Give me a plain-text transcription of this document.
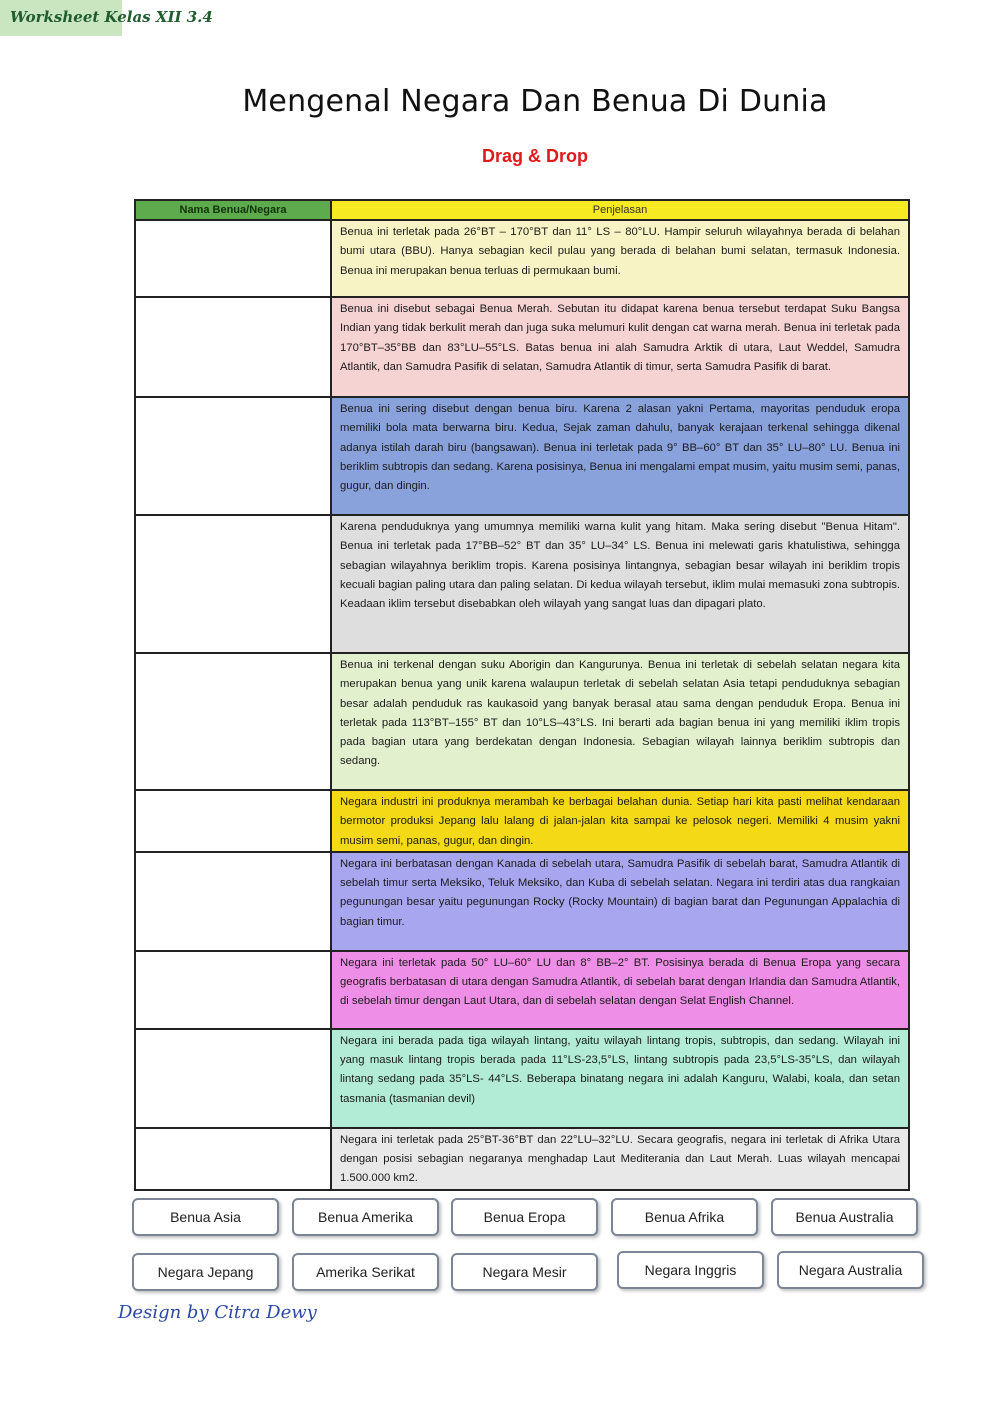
Worksheet Kelas XII 3.4
Mengenal Negara Dan Benua Di Dunia
Drag & Drop
Nama Benua/Negara	Penjelasan
	Benua ini terletak pada 26°BT – 170°BT dan 11° LS – 80°LU. Hampir seluruh wilayahnya berada di belahan bumi utara (BBU). Hanya sebagian kecil pulau yang berada di belahan bumi selatan, termasuk Indonesia. Benua ini merupakan benua terluas di permukaan bumi.
	Benua ini disebut sebagai Benua Merah. Sebutan itu didapat karena benua tersebut terdapat Suku Bangsa Indian yang tidak berkulit merah dan juga suka melumuri kulit dengan cat warna merah. Benua ini terletak pada 170°BT–35°BB dan 83°LU–55°LS. Batas benua ini alah Samudra Arktik di utara, Laut Weddel, Samudra Atlantik, dan Samudra Pasifik di selatan, Samudra Atlantik di timur, serta Samudra Pasifik di barat.
	Benua ini sering disebut dengan benua biru. Karena 2 alasan yakni Pertama, mayoritas penduduk eropa memiliki bola mata berwarna biru. Kedua, Sejak zaman dahulu, banyak kerajaan terkenal sehingga dikenal adanya istilah darah biru (bangsawan). Benua ini terletak pada 9° BB–60° BT dan 35° LU–80° LU. Benua ini beriklim subtropis dan sedang. Karena posisinya, Benua ini mengalami empat musim, yaitu musim semi, panas, gugur, dan dingin.
	Karena penduduknya yang umumnya memiliki warna kulit yang hitam. Maka sering disebut "Benua Hitam". Benua ini terletak pada 17°BB–52° BT dan 35° LU–34° LS. Benua ini melewati garis khatulistiwa, sehingga sebagian wilayahnya beriklim tropis. Karena posisinya lintangnya, sebagian besar wilayah ini beriklim tropis kecuali bagian paling utara dan paling selatan. Di kedua wilayah tersebut, iklim mulai memasuki zona subtropis. Keadaan iklim tersebut disebabkan oleh wilayah yang sangat luas dan dipagari plato.
	Benua ini terkenal dengan suku Aborigin dan Kangurunya. Benua ini terletak di sebelah selatan negara kita merupakan benua yang unik karena walaupun terletak di sebelah selatan Asia tetapi penduduknya sebagian besar adalah penduduk ras kaukasoid yang banyak berasal atau sama dengan penduduk Eropa. Benua ini terletak pada 113°BT–155° BT dan 10°LS–43°LS. Ini berarti ada bagian benua ini yang memiliki iklim tropis pada bagian utara yang berdekatan dengan Indonesia. Sebagian wilayah lainnya beriklim subtropis dan sedang.
	Negara industri ini produknya merambah ke berbagai belahan dunia. Setiap hari kita pasti melihat kendaraan bermotor produksi Jepang lalu lalang di jalan-jalan kita sampai ke pelosok negeri. Memiliki 4 musim yakni musim semi, panas, gugur, dan dingin.
	Negara ini berbatasan dengan Kanada di sebelah utara, Samudra Pasifik di sebelah barat, Samudra Atlantik di sebelah timur serta Meksiko, Teluk Meksiko, dan Kuba di sebelah selatan. Negara ini terdiri atas dua rangkaian pegunungan besar yaitu pegunungan Rocky (Rocky Mountain) di bagian barat dan Pegunungan Appalachia di bagian timur.
	Negara ini terletak pada 50° LU–60° LU dan 8° BB–2° BT. Posisinya berada di Benua Eropa yang secara geografis berbatasan di utara dengan Samudra Atlantik, di sebelah barat dengan Irlandia dan Samudra Atlantik, di sebelah timur dengan Laut Utara, dan di sebelah selatan dengan Selat English Channel.
	Negara ini berada pada tiga wilayah lintang, yaitu wilayah lintang tropis, subtropis, dan sedang. Wilayah ini yang masuk lintang tropis berada pada 11°LS-23,5°LS, lintang subtropis pada 23,5°LS-35°LS, dan wilayah lintang sedang pada 35°LS- 44°LS. Beberapa binatang negara ini adalah Kanguru, Walabi, koala, dan setan tasmania (tasmanian devil)
	Negara ini terletak pada 25°BT-36°BT dan 22°LU–32°LU. Secara geografis, negara ini terletak di Afrika Utara dengan posisi sebagian negaranya menghadap Laut Mediterania dan Laut Merah. Luas wilayah mencapai 1.500.000 km2.
Benua Asia	Benua Amerika	Benua Eropa	Benua Afrika	Benua Australia
Negara Jepang	Amerika Serikat	Negara Mesir	Negara Inggris	Negara Australia
Design by Citra Dewy
